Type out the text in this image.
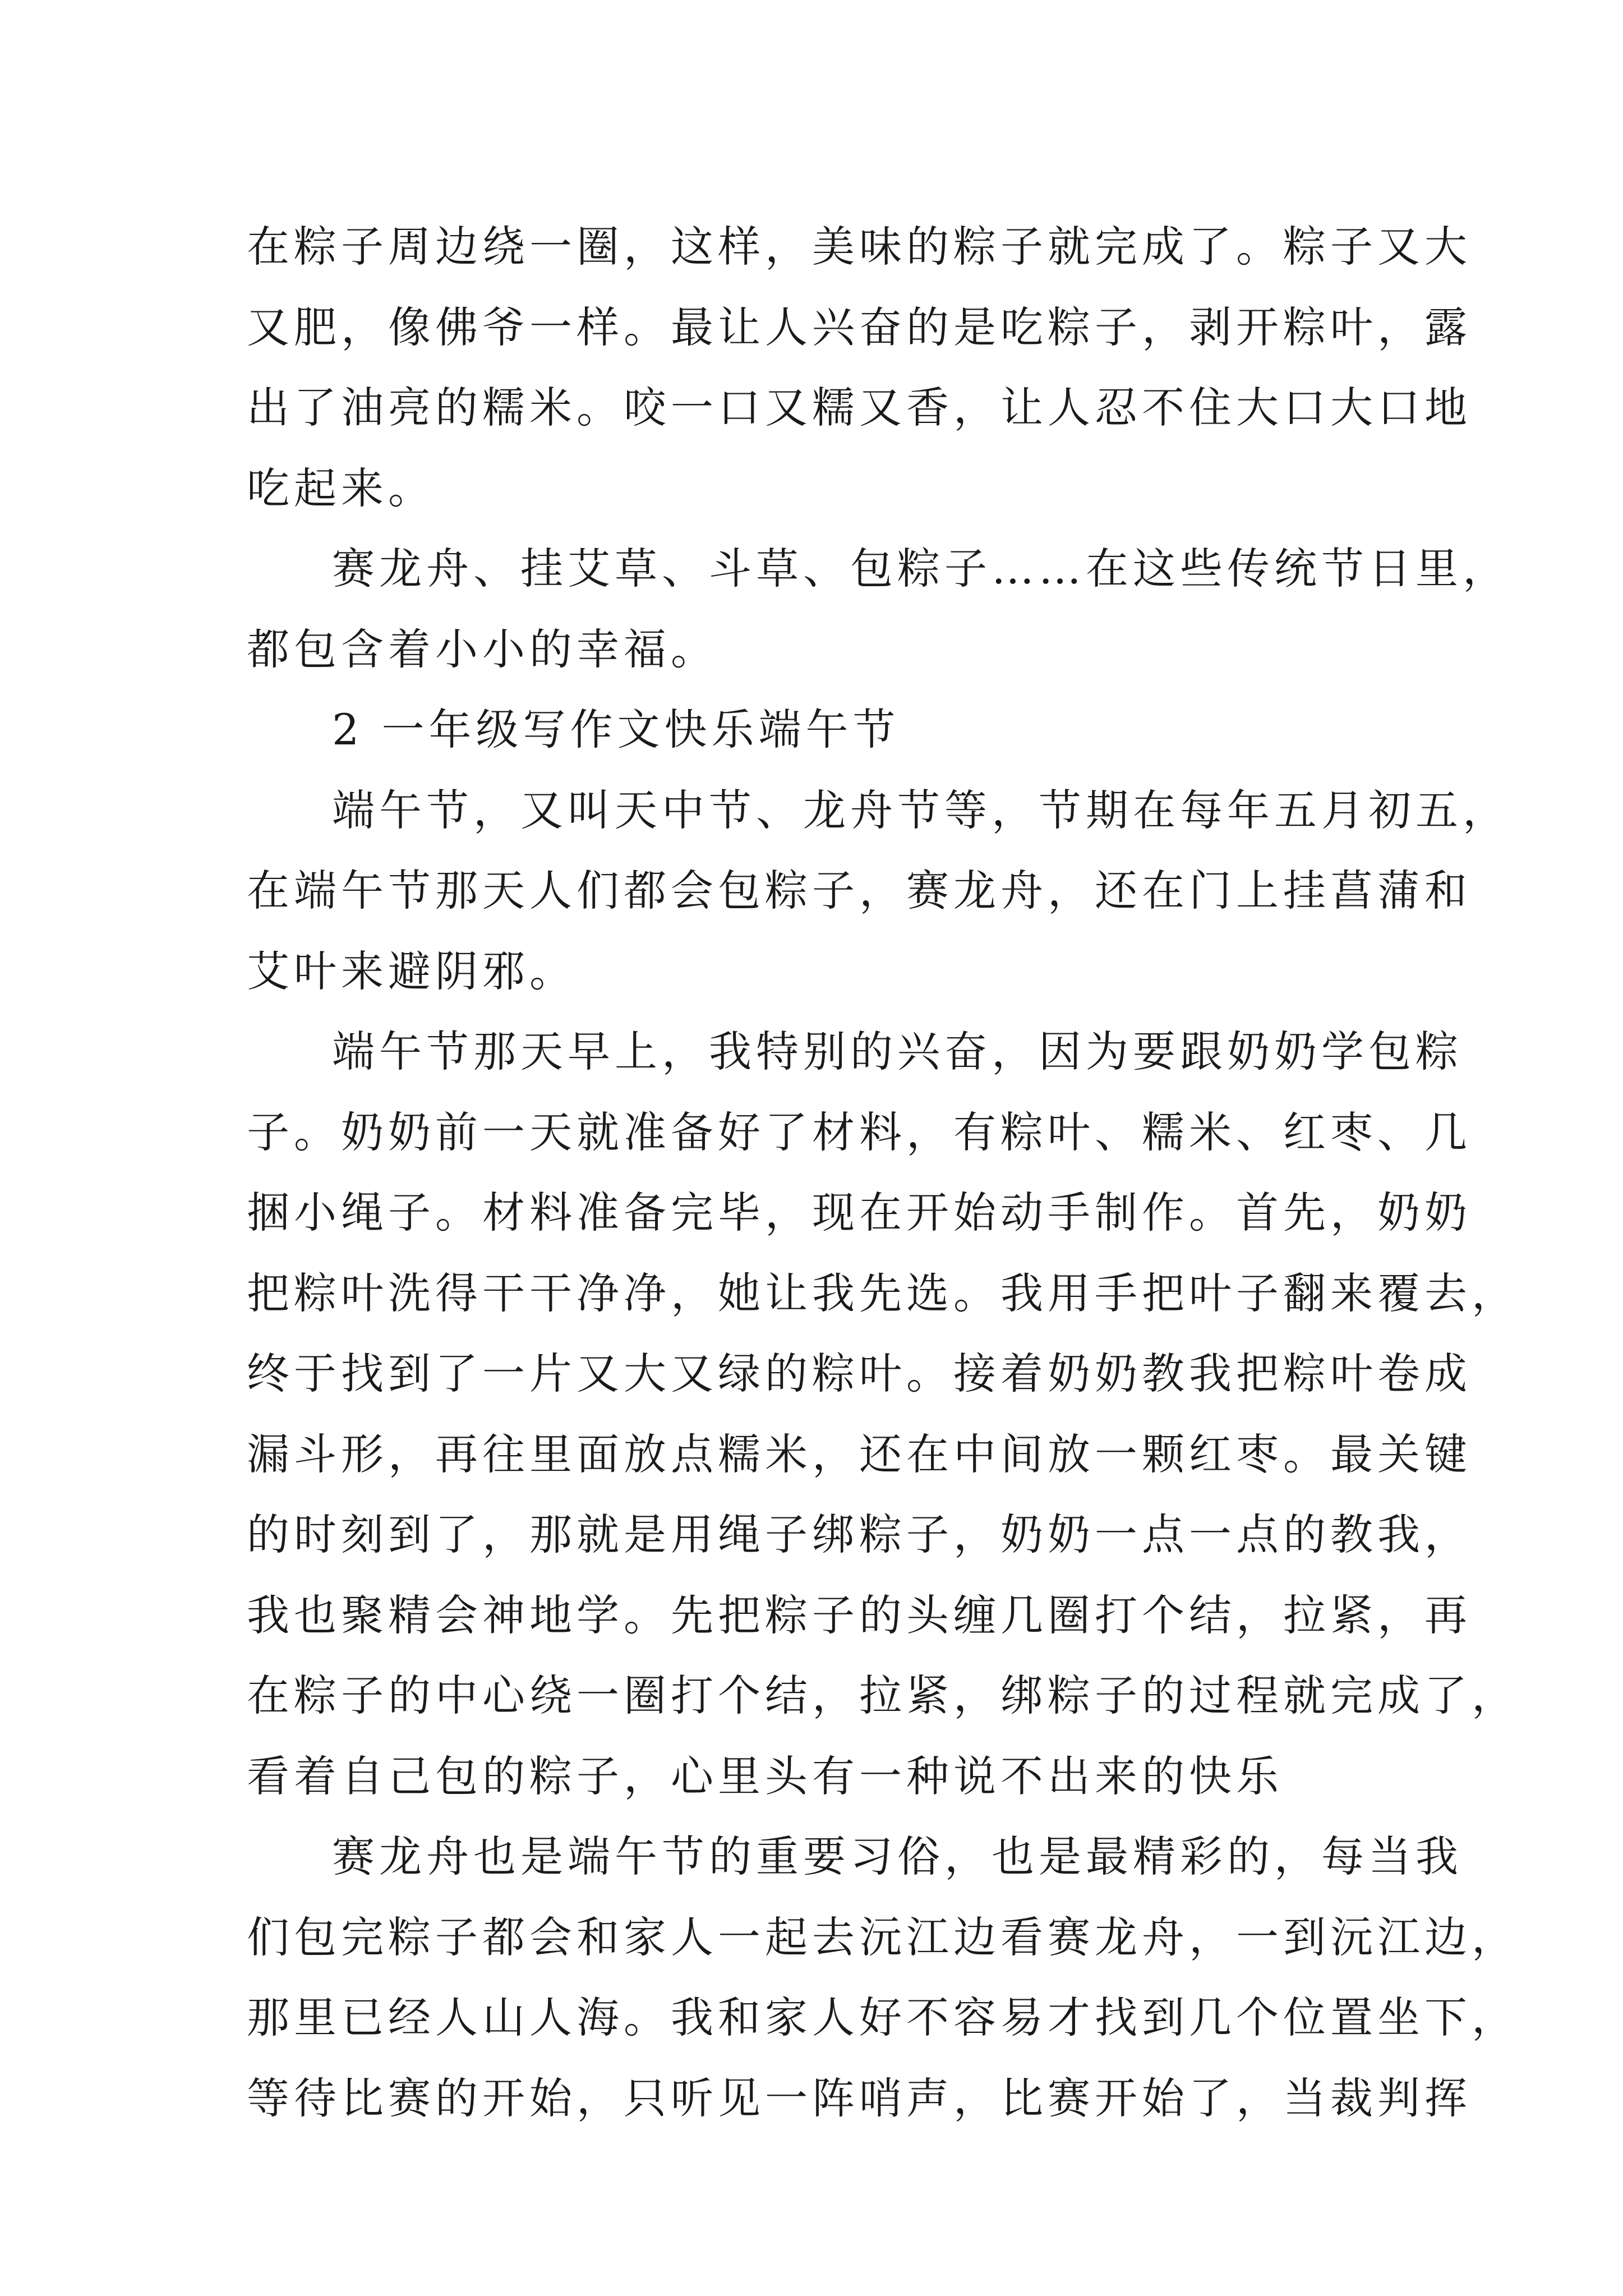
在粽子周边绕一圈，这样，美味的粽子就完成了。粽子又大
又肥，像佛爷一样。最让人兴奋的是吃粽子，剥开粽叶，露
出了油亮的糯米。咬一口又糯又香，让人忍不住大口大口地
吃起来。
赛龙舟、挂艾草、斗草、包粽子……在这些传统节日里，
都包含着小小的幸福。
2 一年级写作文快乐端午节
端午节，又叫天中节、龙舟节等，节期在每年五月初五，
在端午节那天人们都会包粽子，赛龙舟，还在门上挂菖蒲和
艾叶来避阴邪。
端午节那天早上，我特别的兴奋，因为要跟奶奶学包粽
子。奶奶前一天就准备好了材料，有粽叶、糯米、红枣、几
捆小绳子。材料准备完毕，现在开始动手制作。首先，奶奶
把粽叶洗得干干净净，她让我先选。我用手把叶子翻来覆去，
终于找到了一片又大又绿的粽叶。接着奶奶教我把粽叶卷成
漏斗形，再往里面放点糯米，还在中间放一颗红枣。最关键
的时刻到了，那就是用绳子绑粽子，奶奶一点一点的教我，
我也聚精会神地学。先把粽子的头缠几圈打个结，拉紧，再
在粽子的中心绕一圈打个结，拉紧，绑粽子的过程就完成了，
看着自己包的粽子，心里头有一种说不出来的快乐
赛龙舟也是端午节的重要习俗，也是最精彩的，每当我
们包完粽子都会和家人一起去沅江边看赛龙舟，一到沅江边，
那里已经人山人海。我和家人好不容易才找到几个位置坐下，
等待比赛的开始，只听见一阵哨声，比赛开始了，当裁判挥
